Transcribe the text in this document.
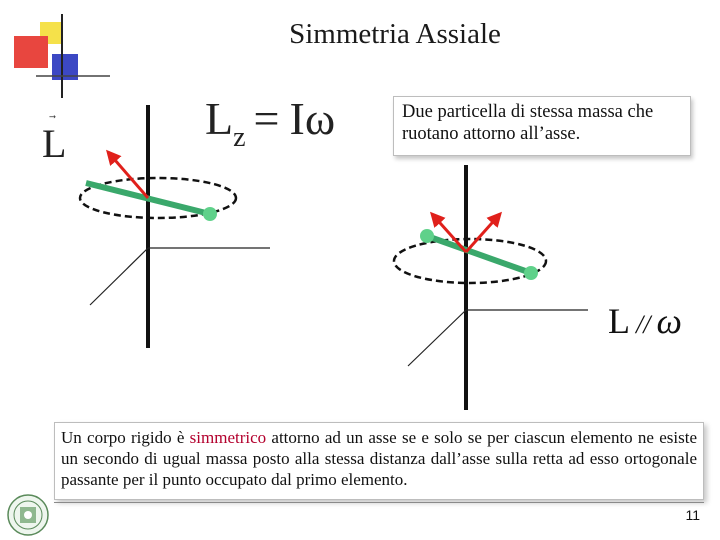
Simmetria Assiale
$L_z = I\omega$
L
Due particella di stessa massa che ruotano attorno all’asse.
L // ω
Un corpo rigido è simmetrico attorno ad un asse se e solo se per ciascun elemento ne esiste un secondo di ugual massa posto alla stessa distanza dall’asse sulla retta ad esso ortogonale passante per il punto occupato dal primo elemento.
11
